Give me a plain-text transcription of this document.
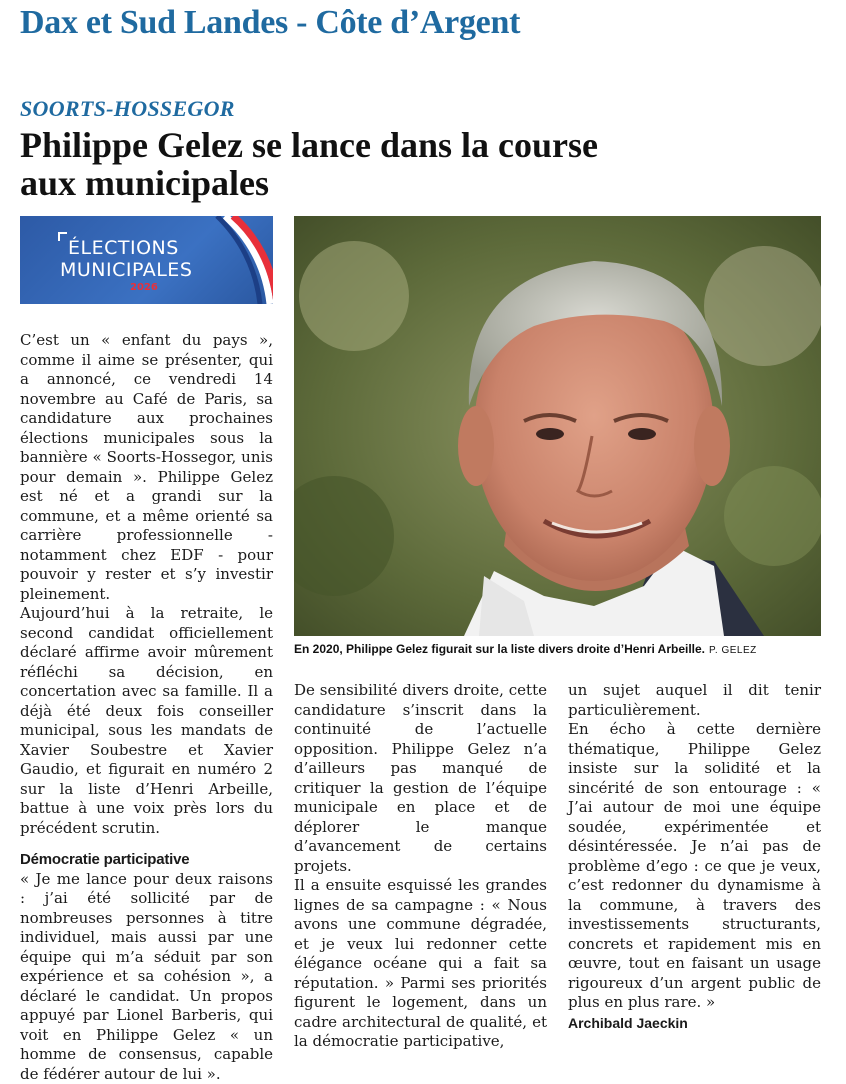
Dax et Sud Landes - Côte d’Argent
SOORTS-HOSSEGOR
Philippe Gelez se lance dans la course
aux municipales
ÉLECTIONS
MUNICIPALES
2026
En 2020, Philippe Gelez figurait sur la liste divers droite d’Henri Arbeille. P. GELEZ

C’est un « enfant du pays », comme il aime se présenter, qui a annoncé, ce vendredi 14 novembre au Café de Paris, sa candidature aux prochaines élections municipales sous la bannière « Soorts-Hossegor, unis pour demain ». Philippe Gelez est né et a grandi sur la commune, et a même orienté sa carrière professionnelle - notamment chez EDF - pour pouvoir y rester et s’y investir pleinement.

Aujourd’hui à la retraite, le second candidat officiellement déclaré affirme avoir mûrement réfléchi sa décision, en concertation avec sa famille. Il a déjà été deux fois conseiller municipal, sous les mandats de Xavier Soubestre et Xavier Gaudio, et figurait en numéro 2 sur la liste d’Henri Arbeille, battue à une voix près lors du précédent scrutin.

Démocratie participative

« Je me lance pour deux raisons : j’ai été sollicité par de nombreuses personnes à titre individuel, mais aussi par une équipe qui m’a séduit par son expérience et sa cohésion », a déclaré le candidat. Un propos appuyé par Lionel Barberis, qui voit en Philippe Gelez « un homme de consensus, capable de fédérer autour de lui ».

De sensibilité divers droite, cette candidature s’inscrit dans la continuité de l’actuelle opposition. Philippe Gelez n’a d’ailleurs pas manqué de critiquer la gestion de l’équipe municipale en place et de déplorer le manque d’avancement de certains projets.

Il a ensuite esquissé les grandes lignes de sa campagne : « Nous avons une commune dégradée, et je veux lui redonner cette élégance océane qui a fait sa réputation. » Parmi ses priorités figurent le logement, dans un cadre architectural de qualité, et la démocratie participative,

un sujet auquel il dit tenir particulièrement.

En écho à cette dernière thématique, Philippe Gelez insiste sur la solidité et la sincérité de son entourage : « J’ai autour de moi une équipe soudée, expérimentée et désintéressée. Je n’ai pas de problème d’ego : ce que je veux, c’est redonner du dynamisme à la commune, à travers des investissements structurants, concrets et rapidement mis en œuvre, tout en faisant un usage rigoureux d’un argent public de plus en plus rare. »

Archibald Jaeckin
